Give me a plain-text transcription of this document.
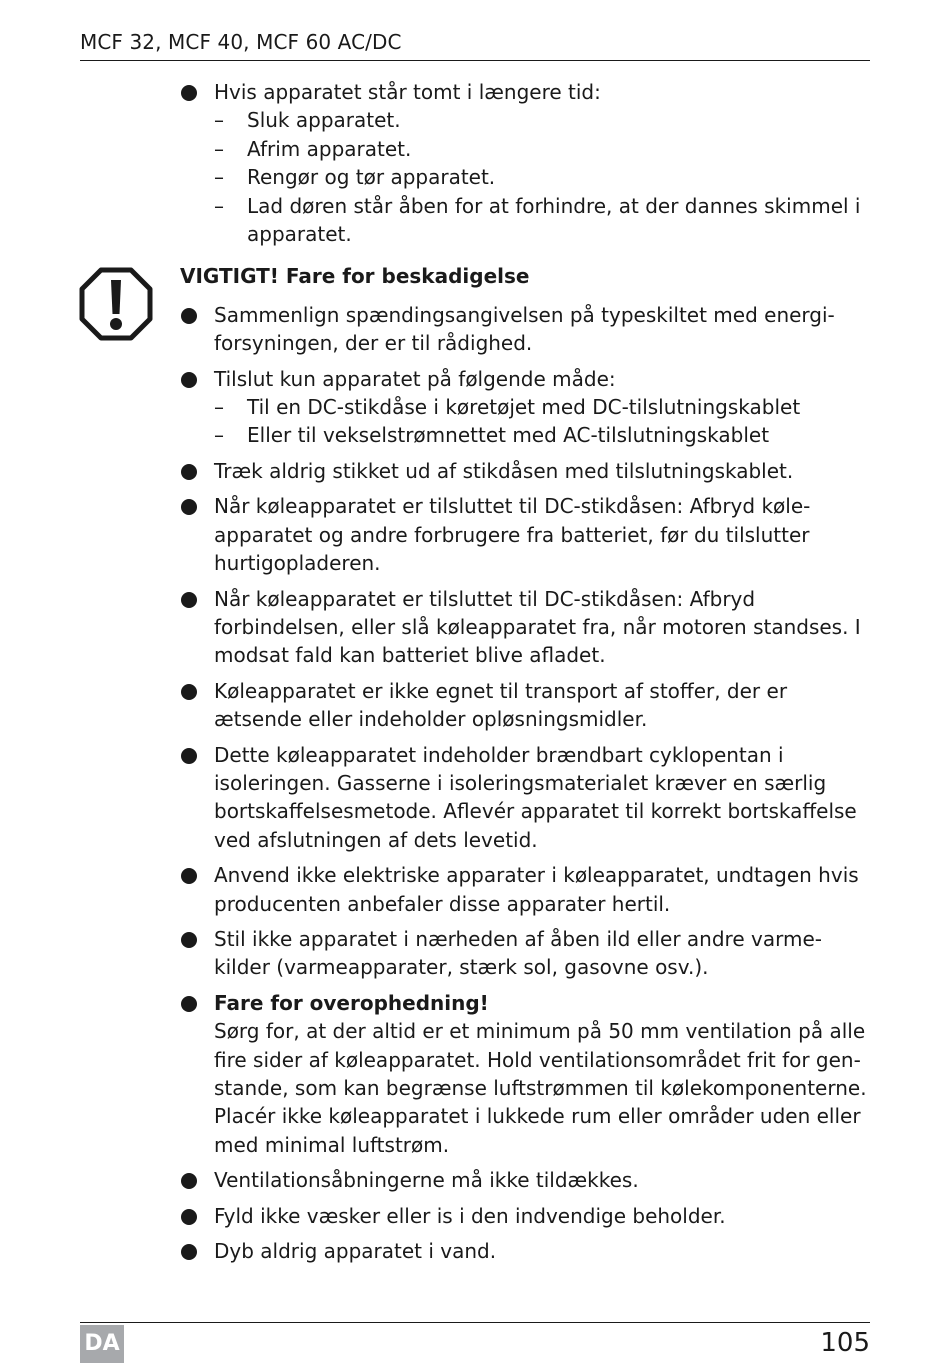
MCF 32, MCF 40, MCF 60 AC/DC
Hvis apparatet står tomt i længere tid:
– Sluk apparatet.
– Afrim apparatet.
– Rengør og tør apparatet.
– Lad døren står åben for at forhindre, at der dannes skimmel i apparatet.
VIGTIGT! Fare for beskadigelse
Sammenlign spændingsangivelsen på typeskiltet med energi-forsyningen, der er til rådighed.
Tilslut kun apparatet på følgende måde:
– Til en DC-stikdåse i køretøjet med DC-tilslutningskablet
– Eller til vekselstrømnettet med AC-tilslutningskablet
Træk aldrig stikket ud af stikdåsen med tilslutningskablet.
Når køleapparatet er tilsluttet til DC-stikdåsen: Afbryd køle-apparatet og andre forbrugere fra batteriet, før du tilslutter hurtigopladeren.
Når køleapparatet er tilsluttet til DC-stikdåsen: Afbryd forbindelsen, eller slå køleapparatet fra, når motoren standses. I modsat fald kan batteriet blive afladet.
Køleapparatet er ikke egnet til transport af stoffer, der er ætsende eller indeholder opløsningsmidler.
Dette køleapparatet indeholder brændbart cyklopentan i isoleringen. Gasserne i isoleringsmaterialet kræver en særlig bortskaffelsesmetode. Aflevér apparatet til korrekt bortskaffelse ved afslutningen af dets levetid.
Anvend ikke elektriske apparater i køleapparatet, undtagen hvis producenten anbefaler disse apparater hertil.
Stil ikke apparatet i nærheden af åben ild eller andre varme-kilder (varmeapparater, stærk sol, gasovne osv.).
Fare for overophedning!
Sørg for, at der altid er et minimum på 50 mm ventilation på alle fire sider af køleapparatet. Hold ventilationsområdet frit for gen-stande, som kan begrænse luftstrømmen til kølekomponenterne. Placér ikke køleapparatet i lukkede rum eller områder uden eller med minimal luftstrøm.
Ventilationsåbningerne må ikke tildækkes.
Fyld ikke væsker eller is i den indvendige beholder.
Dyb aldrig apparatet i vand.
DA	105
